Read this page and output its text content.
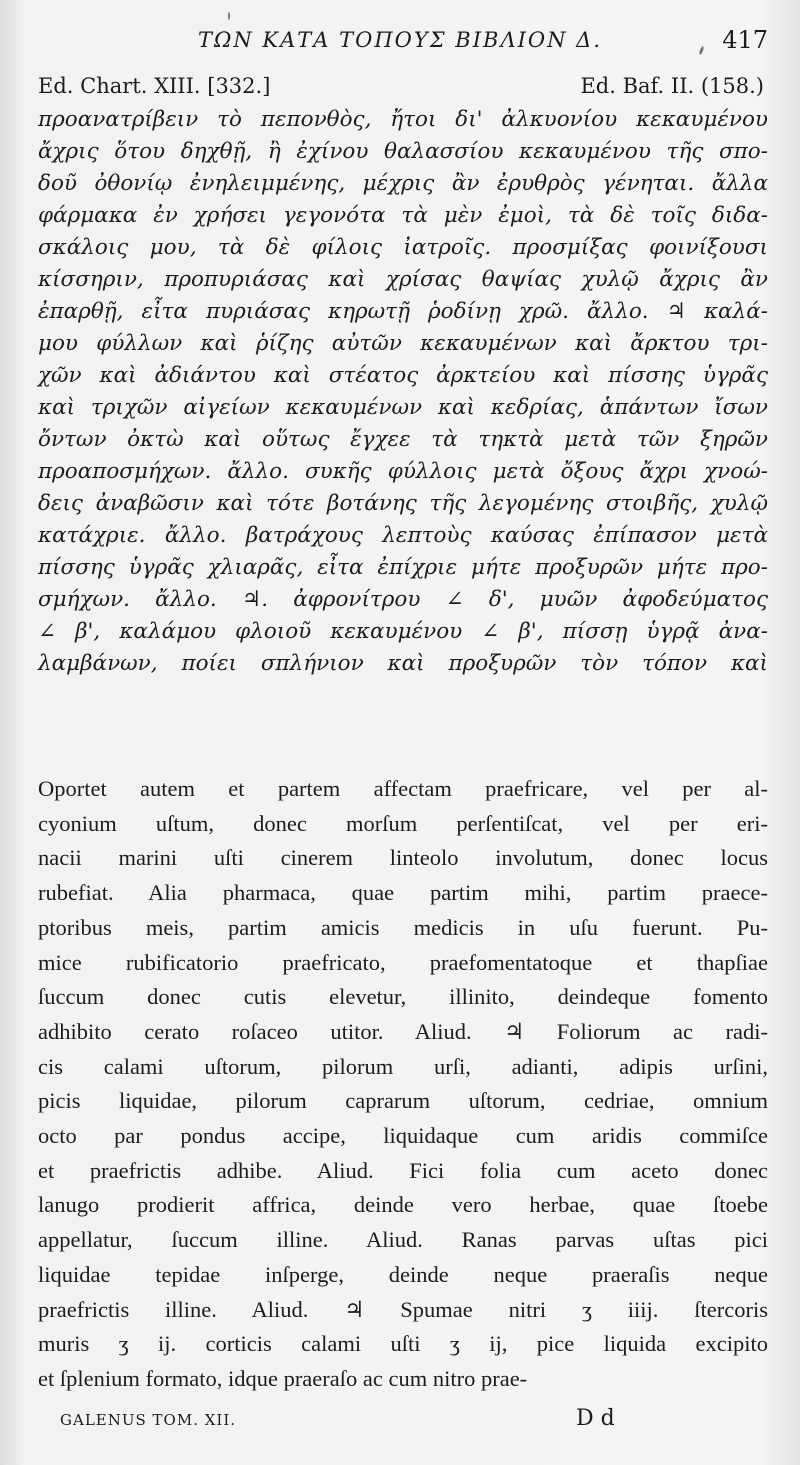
ΤΩΝ ΚΑΤΑ ΤΟΠΟΥΣ ΒΙΒΛΙΟΝ Δ.	417
Ed. Chart. XIII. [332.]	Ed. Baf. II. (158.)
προανατρίβειν τὸ πεπονθὸς, ἤτοι δι' ἀλκυονίου κεκαυμένου
ἄχρις ὅτου δηχθῇ, ἢ ἐχίνου θαλασσίου κεκαυμένου τῆς σπο-
δοῦ ὀθονίῳ ἐνηλειμμένης, μέχρις ἂν ἐρυθρὸς γένηται. ἄλλα
φάρμακα ἐν χρήσει γεγονότα τὰ μὲν ἐμοὶ, τὰ δὲ τοῖς διδα-
σκάλοις μου, τὰ δὲ φίλοις ἰατροῖς. προσμίξας φοινίξουσι
κίσσηριν, προπυριάσας καὶ χρίσας θαψίας χυλῷ ἄχρις ἂν
ἐπαρθῇ, εἶτα πυριάσας κηρωτῇ ῥοδίνῃ χρῶ. ἄλλο. ♃ καλά-
μου φύλλων καὶ ῥίζης αὐτῶν κεκαυμένων καὶ ἄρκτου τρι-
χῶν καὶ ἀδιάντου καὶ στέατος ἀρκτείου καὶ πίσσης ὑγρᾶς
καὶ τριχῶν αἰγείων κεκαυμένων καὶ κεδρίας, ἁπάντων ἴσων
ὄντων ὀκτὼ καὶ οὕτως ἔγχεε τὰ τηκτὰ μετὰ τῶν ξηρῶν
προαποσμήχων. ἄλλο. συκῆς φύλλοις μετὰ ὄξους ἄχρι χνοώ-
δεις ἀναβῶσιν καὶ τότε βοτάνης τῆς λεγομένης στοιβῆς, χυλῷ
κατάχριε. ἄλλο. βατράχους λεπτοὺς καύσας ἐπίπασον μετὰ
πίσσης ὑγρᾶς χλιαρᾶς, εἶτα ἐπίχριε μήτε προξυρῶν μήτε προ-
σμήχων. ἄλλο. ♃. ἀφρονίτρου ∠ δ', μυῶν ἀφοδεύματος
∠ β', καλάμου φλοιοῦ κεκαυμένου ∠ β', πίσσῃ ὑγρᾷ ἀνα-
λαμβάνων, ποίει σπλήνιον καὶ προξυρῶν τὸν τόπον καὶ
Oportet autem et partem affectam praefricare, vel per al-
cyonium uſtum, donec morſum perſentiſcat, vel per eri-
nacii marini uſti cinerem linteolo involutum, donec locus
rubefiat. Alia pharmaca, quae partim mihi, partim praece-
ptoribus meis, partim amicis medicis in uſu fuerunt. Pu-
mice rubificatorio praefricato, praefomentatoque et thapſiae
ſuccum donec cutis elevetur, illinito, deindeque fomento
adhibito cerato roſaceo utitor. Aliud. ♃ Foliorum ac radi-
cis calami uſtorum, pilorum urſi, adianti, adipis urſini,
picis liquidae, pilorum caprarum uſtorum, cedriae, omnium
octo par pondus accipe, liquidaque cum aridis commiſce
et praefrictis adhibe. Aliud. Fici folia cum aceto donec
lanugo prodierit affrica, deinde vero herbae, quae ſtoebe
appellatur, ſuccum illine. Aliud. Ranas parvas uſtas pici
liquidae tepidae inſperge, deinde neque praeraſis neque
praefrictis illine. Aliud. ♃ Spumae nitri ʒ iiij. ſtercoris
muris ʒ ij. corticis calami uſti ʒ ij, pice liquida excipito
et ſplenium formato, idque praeraſo ac cum nitro prae-
GALENUS TOM. XII.	D d
